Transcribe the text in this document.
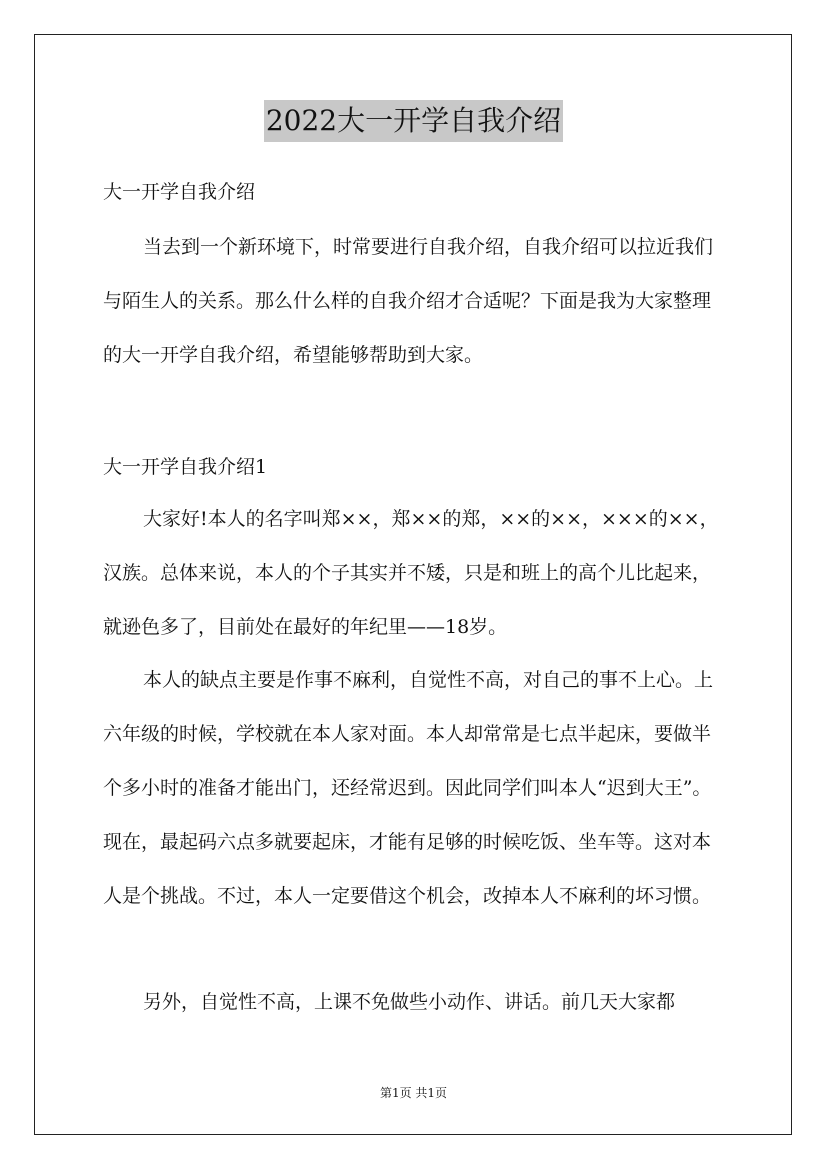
2022大一开学自我介绍

大一开学自我介绍

当去到一个新环境下，时常要进行自我介绍，自我介绍可以拉近我们与陌生人的关系。那么什么样的自我介绍才合适呢？下面是我为大家整理的大一开学自我介绍，希望能够帮助到大家。

大一开学自我介绍1

大家好!本人的名字叫郑××，郑××的郑，××的××，×××的××，汉族。总体来说，本人的个子其实并不矮，只是和班上的高个儿比起来，就逊色多了，目前处在最好的年纪里——18岁。

本人的缺点主要是作事不麻利，自觉性不高，对自己的事不上心。上六年级的时候，学校就在本人家对面。本人却常常是七点半起床，要做半个多小时的准备才能出门，还经常迟到。因此同学们叫本人“迟到大王”。现在，最起码六点多就要起床，才能有足够的时候吃饭、坐车等。这对本人是个挑战。不过，本人一定要借这个机会，改掉本人不麻利的坏习惯。

另外，自觉性不高，上课不免做些小动作、讲话。前几天大家都

第1页 共1页
